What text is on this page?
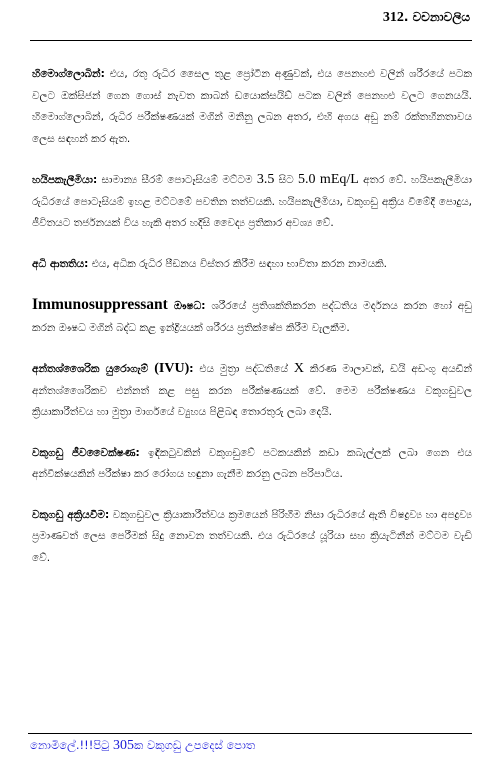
312. වචනාවලිය

හිමොග්ලොබින්: එය, රතු රුධිර සෛල තුළ ප්‍රෝටීන අණුවක්, එය පෙනහළු වලින් ශරීරයේ පටක වලට ඔක්සිජන් ගෙන ගොස් නැවත කාබන් ඩයොක්සයිඩ් පටක වලින් පෙනහළු වලට ගෙනයයි. හිමොග්ලොබින්, රුධිර පරීක්ෂණයක් මගින් මනිනු ලබන අතර, එහි අගය අඩු නම් රක්තහීනතාවය ලෙස සඳහන් කර ඇත.

හයිපකැලීමියා: සාමාන්‍ය සීරම් පොටෑසියම් මට්ටම 3.5 සිට 5.0 mEq/L අතර වේ. හයිපකැලීමියා රුධිරයේ පොටෑසියම් ඉහළ මට්ටමේ පවතින තත්වයකි. හයිපකැලීමියා, වකුගඩු අක්‍රිය වීමේදී පොදුය, ජීවිතයට තර්ජනයක් විය හැකි අතර හදිසි වෛද්‍ය ප්‍රතිකාර අවශ්‍ය වේ.

අධි ආතතිය: එය, අධික රුධිර පීඩනය විස්තර කිරීම සඳහා භාවිතා කරන නාමයකි.

Immunosuppressant ඖෂධ: ශරීරයේ ප්‍රතිශක්තිකරන පද්ධතිය මර්දනය කරන හෝ අඩු කරන ඖෂධ මගින් බද්ධ කළ ඉන්ද්‍රියයක් ශරීරය ප්‍රතික්ෂේප කිරීම වැලකීම.

අන්තශ්ශෛරික යුරොගැම් (IVU): එය මුත්‍රා පද්ධතියේ X කිරණ මාලාවක්, ඩයි අඩංගු අයඩීන් අන්තශ්ශෛරිකව එන්නත් කළ පසු කරන පරීක්ෂණයක් වේ. මෙම පරීක්ෂණය වකුගඩුවල ක්‍රියාකාරීත්වය හා මුත්‍රා මාර්ගයේ ව්‍යුහය පිළිබඳ තොරතුරු ලබා දෙයි.

වකුගඩු ජීවවෛක්ෂණ: ඉඳිකටුවකින් වකුගඩුවේ පටකයකින් කඩා කබැල්ලක් ලබා ගෙන එය අන්වීක්ෂයකින් පරීක්ෂා කර රෝගය හඳුනා ගැනීම කරනු ලබන පරිපාටිය.

වකුගඩු අක්‍රියවීම: වකුගඩුවල ක්‍රියාකාරීත්වය ක්‍රමයෙන් පිරිහීම නිසා රුධිරයේ ඇති විෂද්‍රව්‍ය හා අපද්‍රව්‍ය ප්‍රමාණවත් ලෙස පෙරීමක් සිදු නොවන තත්වයකි. එය රුධිරයේ යූරියා සහ ක්‍රියැටිනීන් මට්ටම වැඩි වේ.

නොමිලේ.!!!පිටු 305ක වකුගඩු උපදෙස් පොත
